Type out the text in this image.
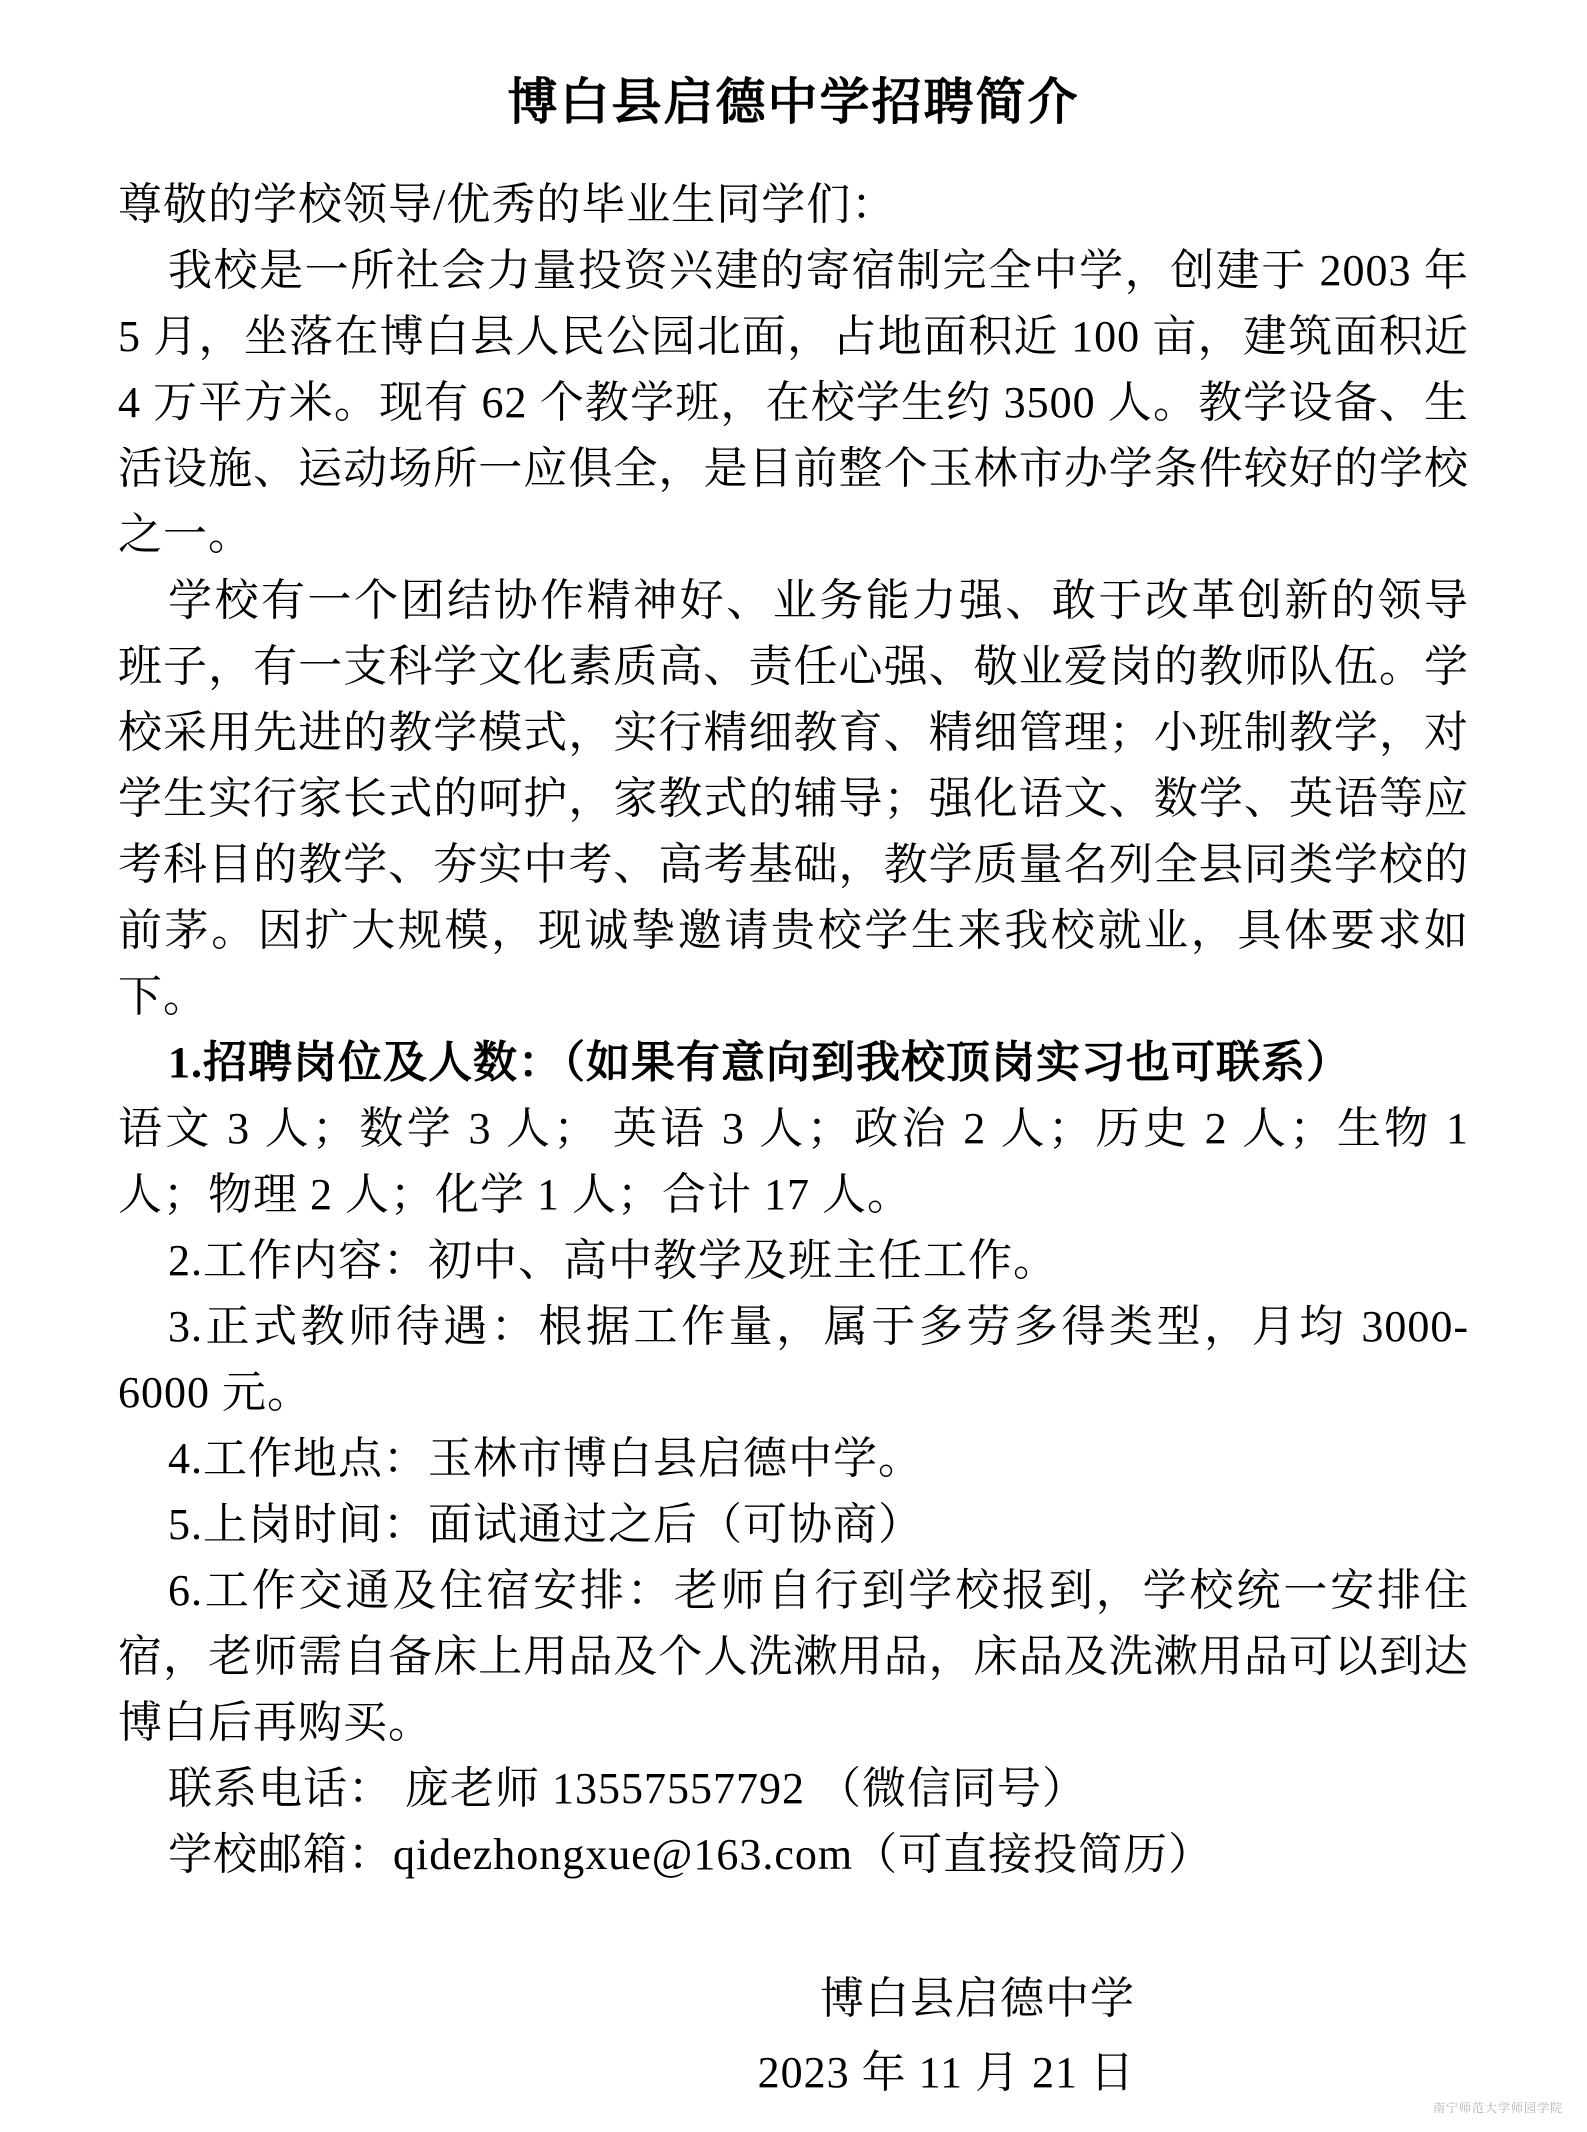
博白县启德中学招聘简介

尊敬的学校领导/优秀的毕业生同学们：

我校是一所社会力量投资兴建的寄宿制完全中学，创建于 2003 年 5 月，坐落在博白县人民公园北面，占地面积近 100 亩，建筑面积近 4 万平方米。现有 62 个教学班，在校学生约 3500 人。教学设备、生活设施、运动场所一应俱全，是目前整个玉林市办学条件较好的学校之一。

学校有一个团结协作精神好、业务能力强、敢于改革创新的领导班子，有一支科学文化素质高、责任心强、敬业爱岗的教师队伍。学校采用先进的教学模式，实行精细教育、精细管理；小班制教学，对学生实行家长式的呵护，家教式的辅导；强化语文、数学、英语等应考科目的教学、夯实中考、高考基础，教学质量名列全县同类学校的前茅。因扩大规模，现诚挚邀请贵校学生来我校就业，具体要求如下。

1.招聘岗位及人数：（如果有意向到我校顶岗实习也可联系）

语文 3 人；数学 3 人； 英语 3 人；政治 2 人；历史 2 人；生物 1 人；物理 2 人；化学 1 人；合计 17 人。

2.工作内容：初中、高中教学及班主任工作。

3.正式教师待遇：根据工作量，属于多劳多得类型，月均 3000-6000 元。

4.工作地点：玉林市博白县启德中学。

5.上岗时间：面试通过之后（可协商）

6.工作交通及住宿安排：老师自行到学校报到，学校统一安排住宿，老师需自备床上用品及个人洗漱用品，床品及洗漱用品可以到达博白后再购买。

联系电话： 庞老师 13557557792 （微信同号）

学校邮箱：qidezhongxue@163.com（可直接投简历）

博白县启德中学

2023 年 11 月 21 日

南宁师范大学师园学院
